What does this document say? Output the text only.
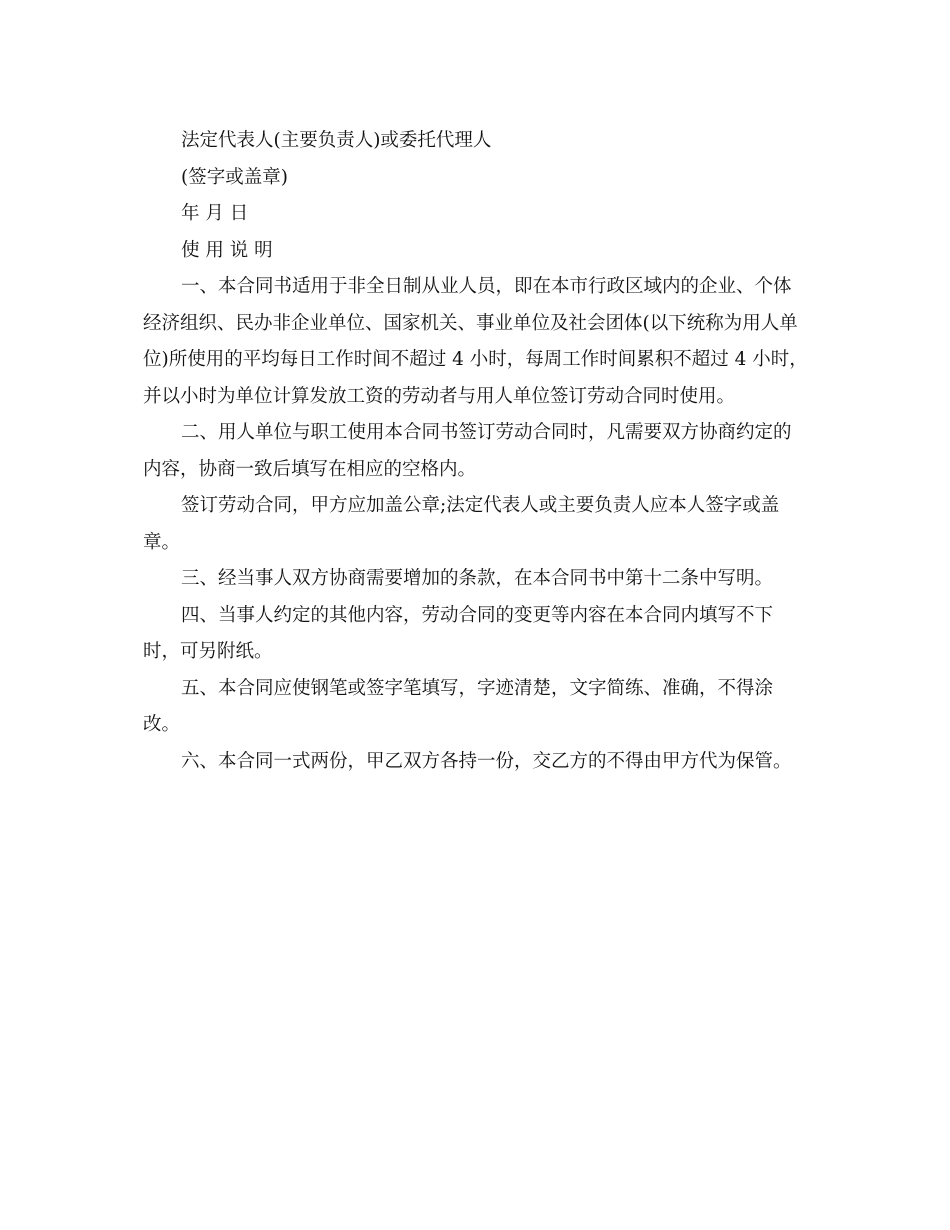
法定代表人(主要负责人)或委托代理人
(签字或盖章)
年 月 日
使 用 说 明
一、本合同书适用于非全日制从业人员，即在本市行政区域内的企业、个体
经济组织、民办非企业单位、国家机关、事业单位及社会团体(以下统称为用人单
位)所使用的平均每日工作时间不超过 4 小时，每周工作时间累积不超过 4 小时，
并以小时为单位计算发放工资的劳动者与用人单位签订劳动合同时使用。
二、用人单位与职工使用本合同书签订劳动合同时，凡需要双方协商约定的
内容，协商一致后填写在相应的空格内。
签订劳动合同，甲方应加盖公章;法定代表人或主要负责人应本人签字或盖
章。
三、经当事人双方协商需要增加的条款，在本合同书中第十二条中写明。
四、当事人约定的其他内容，劳动合同的变更等内容在本合同内填写不下
时，可另附纸。
五、本合同应使钢笔或签字笔填写，字迹清楚，文字简练、准确，不得涂
改。
六、本合同一式两份，甲乙双方各持一份，交乙方的不得由甲方代为保管。
